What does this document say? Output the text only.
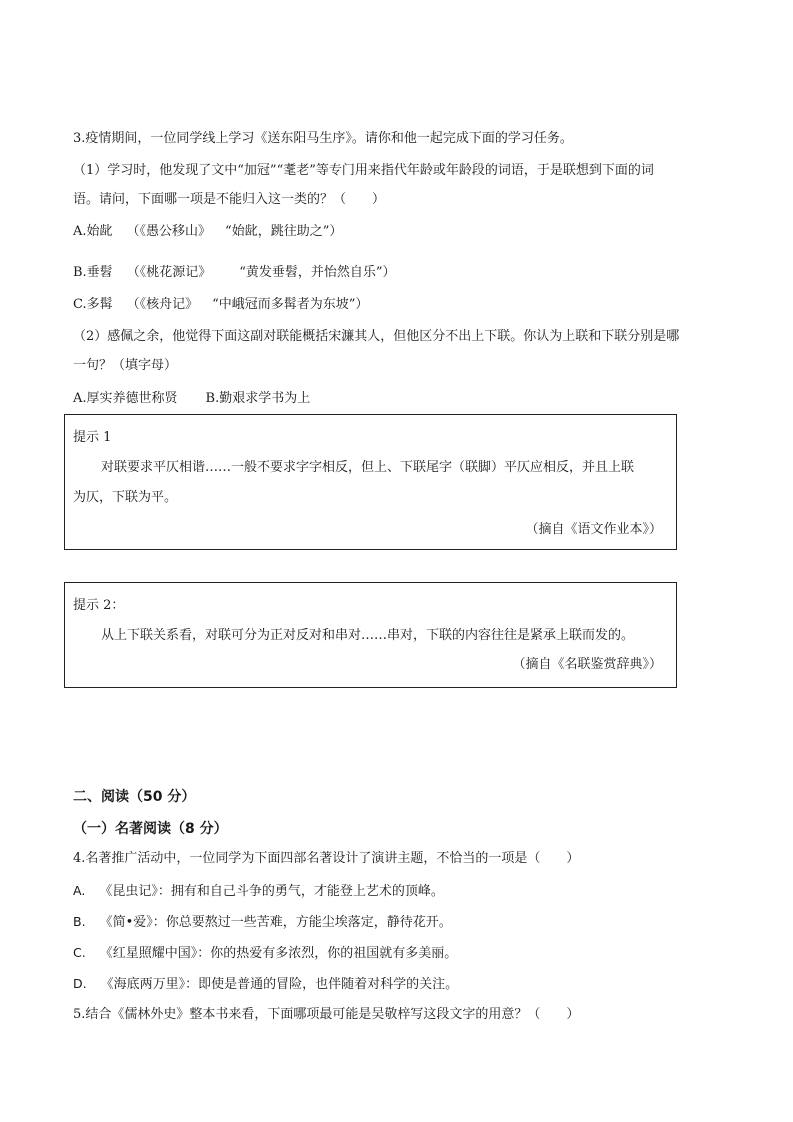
3.疫情期间，一位同学线上学习《送东阳马生序》。请你和他一起完成下面的学习任务。
（1）学习时，他发现了文中“加冠”“耄老”等专门用来指代年龄或年龄段的词语，于是联想到下面的词
语。请问，下面哪一项是不能归入这一类的？（　　）
A.始龀 （《愚公移山》 “始龀，跳往助之”）
B.垂髫 （《桃花源记》 “黄发垂髫，并怡然自乐”）
C.多髯 （《核舟记》 “中峨冠而多髯者为东坡”）
（2）感佩之余，他觉得下面这副对联能概括宋濂其人，但他区分不出上下联。你认为上联和下联分别是哪
一句？（填字母）
A.厚实养德世称贤 B.勤艰求学书为上
提示 1
对联要求平仄相谐……一般不要求字字相反，但上、下联尾字（联脚）平仄应相反，并且上联
为仄，下联为平。
（摘自《语文作业本》）
提示 2：
从上下联关系看，对联可分为正对反对和串对……串对，下联的内容往往是紧承上联而发的。
（摘自《名联鉴赏辞典》）
二、阅读（50 分）
（一）名著阅读（8 分）
4.名著推广活动中，一位同学为下面四部名著设计了演讲主题，不恰当的一项是（　　）
A. 《昆虫记》：拥有和自己斗争的勇气，才能登上艺术的顶峰。
B. 《简•爱》：你总要熬过一些苦难，方能尘埃落定，静待花开。
C. 《红星照耀中国》：你的热爱有多浓烈，你的祖国就有多美丽。
D. 《海底两万里》：即使是普通的冒险，也伴随着对科学的关注。
5.结合《儒林外史》整本书来看，下面哪项最可能是吴敬梓写这段文字的用意？（　　）
